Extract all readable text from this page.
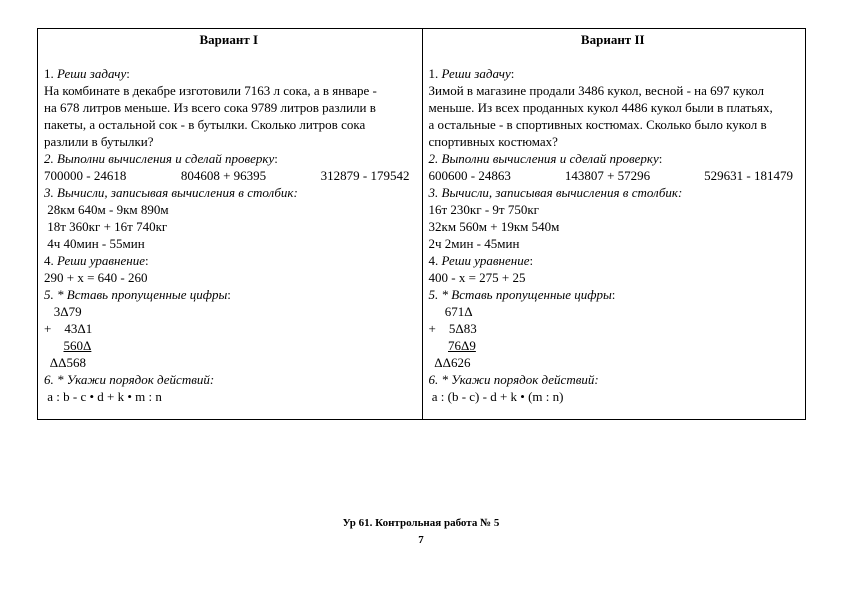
Вариант I
1. Реши задачу:
На комбинате в декабре изготовили 7163 л сока, а в январе -
на 678 литров меньше. Из всего сока 9789 литров разлили в
пакеты, а остальной сок - в бутылки. Сколько литров сока
разлили в бутылки?
2. Выполни вычисления и сделай проверку:
700000 - 24618	804608 + 96395	312879 - 179542
3. Вычисли, записывая вычисления в столбик:
28км 640м - 9км 890м
18т 360кг + 16т 740кг
4ч 40мин - 55мин
4. Реши уравнение:
290 + х = 640 - 260
5. * Вставь пропущенные цифры:
3Δ79
+    43Δ1
560Δ
ΔΔ568
6. * Укажи порядок действий:
a : b - c • d + k • m : n
Вариант II
1. Реши задачу:
Зимой в магазине продали 3486 кукол, весной - на 697 кукол
меньше. Из всех проданных кукол 4486 кукол были в платьях,
а остальные - в спортивных костюмах. Сколько было кукол в
спортивных костюмах?
2. Выполни вычисления и сделай проверку:
600600 - 24863	143807 + 57296	529631 - 181479
3. Вычисли, записывая вычисления в столбик:
16т 230кг - 9т 750кг
32км 560м + 19км 540м
2ч 2мин - 45мин
4. Реши уравнение:
400 - х = 275 + 25
5. * Вставь пропущенные цифры:
671Δ
+    5Δ83
76Δ9
ΔΔ626
6. * Укажи порядок действий:
a : (b - c) - d + k • (m : n)
Ур 61. Контрольная работа № 5
7
